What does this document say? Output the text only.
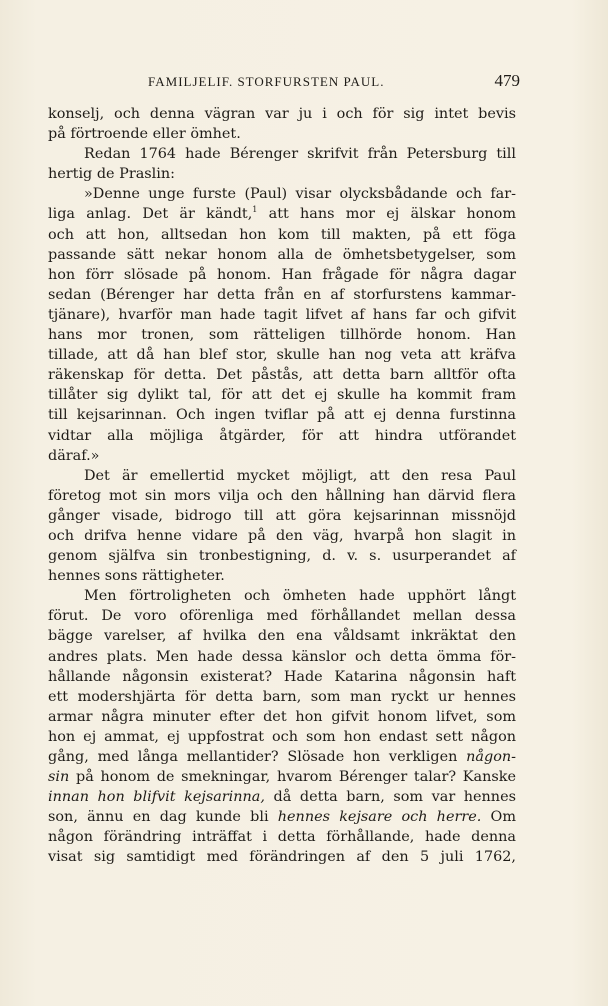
FAMILJELIF. STORFURSTEN PAUL.	479
konselj, och denna vägran var ju i och för sig intet bevis
på förtroende eller ömhet.
Redan 1764 hade Bérenger skrifvit från Petersburg till
hertig de Praslin:
»Denne unge furste (Paul) visar olycksbådande och far-
liga anlag. Det är kändt,$^1$ att hans mor ej älskar honom
och att hon, alltsedan hon kom till makten, på ett föga
passande sätt nekar honom alla de ömhetsbetygelser, som
hon förr slösade på honom. Han frågade för några dagar
sedan (Bérenger har detta från en af storfurstens kammar-
tjänare), hvarför man hade tagit lifvet af hans far och gifvit
hans mor tronen, som rätteligen tillhörde honom. Han
tillade, att då han blef stor, skulle han nog veta att kräfva
räkenskap för detta. Det påstås, att detta barn alltför ofta
tillåter sig dylikt tal, för att det ej skulle ha kommit fram
till kejsarinnan. Och ingen tviflar på att ej denna furstinna
vidtar alla möjliga åtgärder, för att hindra utförandet
däraf.»
Det är emellertid mycket möjligt, att den resa Paul
företog mot sin mors vilja och den hållning han därvid flera
gånger visade, bidrogo till att göra kejsarinnan missnöjd
och drifva henne vidare på den väg, hvarpå hon slagit in
genom själfva sin tronbestigning, d. v. s. usurperandet af
hennes sons rättigheter.
Men förtroligheten och ömheten hade upphört långt
förut. De voro oförenliga med förhållandet mellan dessa
bägge varelser, af hvilka den ena våldsamt inkräktat den
andres plats. Men hade dessa känslor och detta ömma för-
hållande någonsin existerat? Hade Katarina någonsin haft
ett modershjärta för detta barn, som man ryckt ur hennes
armar några minuter efter det hon gifvit honom lifvet, som
hon ej ammat, ej uppfostrat och som hon endast sett någon
gång, med långa mellantider? Slösade hon verkligen någon-
sin på honom de smekningar, hvarom Bérenger talar? Kanske
innan hon blifvit kejsarinna, då detta barn, som var hennes
son, ännu en dag kunde bli hennes kejsare och herre. Om
någon förändring inträffat i detta förhållande, hade denna
visat sig samtidigt med förändringen af den 5 juli 1762,
